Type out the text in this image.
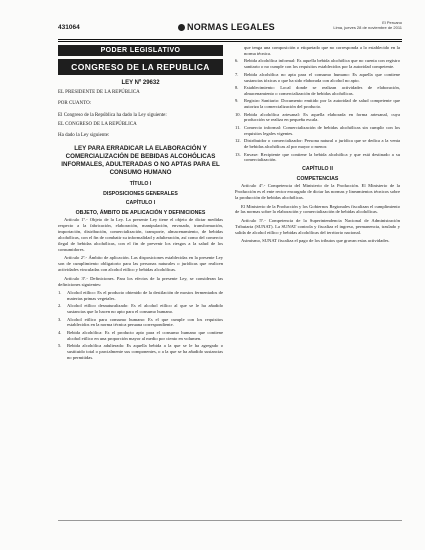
431064	NORMAS LEGALES	El Peruano
Lima, jueves 28 de noviembre de 2011
PODER LEGISLATIVO
CONGRESO DE LA REPUBLICA
LEY Nº 29632

EL PRESIDENTE DE LA REPÚBLICA

POR CUANTO:

El Congreso de la República ha dado la Ley siguiente:

EL CONGRESO DE LA REPÚBLICA

Ha dado la Ley siguiente:

LEY PARA ERRADICAR LA ELABORACIÓN Y COMERCIALIZACIÓN DE BEBIDAS ALCOHÓLICAS INFORMALES, ADULTERADAS O NO APTAS PARA EL CONSUMO HUMANO
TÍTULO I
DISPOSICIONES GENERALES
CAPÍTULO I
OBJETO, ÁMBITO DE APLICACIÓN Y DEFINICIONES

Artículo 1º.- Objeto de la Ley. La presente Ley tiene el objeto de dictar medidas respecto a la fabricación, elaboración, manipulación, envasado, transformación, importación, distribución, comercialización, transporte, almacenamiento, de bebidas alcohólicas, con el fin de combatir su informalidad y adulteración, así como del comercio ilegal de bebidas alcohólicas, con el fin de prevenir los riesgos a la salud de los consumidores.

Artículo 2º.- Ámbito de aplicación. Las disposiciones establecidas en la presente Ley son de cumplimiento obligatorio para las personas naturales o jurídicas que realicen actividades vinculadas con alcohol etílico y bebidas alcohólicas.

Artículo 3º.- Definiciones. Para los efectos de la presente Ley, se consideran las definiciones siguientes:

1. Alcohol etílico: Es el producto obtenido de la destilación de mostos fermentados de materias primas vegetales.

2. Alcohol etílico desnaturalizado: Es el alcohol etílico al que se le ha añadido sustancias que lo hacen no apto para el consumo humano.

3. Alcohol etílico para consumo humano: Es el que cumple con los requisitos establecidos en la norma técnica peruana correspondiente.

4. Bebida alcohólica: Es el producto apto para el consumo humano que contiene alcohol etílico en una proporción mayor al medio por ciento en volumen.

5. Bebida alcohólica adulterada: Es aquella bebida a la que se le ha agregado o sustituido total o parcialmente sus componentes, o a la que se ha añadido sustancias no permitidas.

que tenga una composición o etiquetado que no corresponda a lo establecido en la norma técnica.

6. Bebida alcohólica informal: Es aquella bebida alcohólica que no cuenta con registro sanitario o no cumple con los requisitos establecidos por la autoridad competente.

7. Bebida alcohólica no apta para el consumo humano: Es aquella que contiene sustancias tóxicas o que ha sido elaborada con alcohol no apto.

8. Establecimiento: Local donde se realizan actividades de elaboración, almacenamiento o comercialización de bebidas alcohólicas.

9. Registro Sanitario: Documento emitido por la autoridad de salud competente que autoriza la comercialización del producto.

10. Bebida alcohólica artesanal: Es aquella elaborada en forma artesanal, cuya producción se realiza en pequeña escala.

11. Comercio informal: Comercialización de bebidas alcohólicas sin cumplir con los requisitos legales vigentes.

12. Distribuidor o comercializador: Persona natural o jurídica que se dedica a la venta de bebidas alcohólicas al por mayor o menor.

13. Envase: Recipiente que contiene la bebida alcohólica y que está destinado a su comercialización.

CAPÍTULO II
COMPETENCIAS

Artículo 4º.- Competencia del Ministerio de la Producción. El Ministerio de la Producción es el ente rector encargado de dictar las normas y lineamientos técnicos sobre la producción de bebidas alcohólicas.

El Ministerio de la Producción y los Gobiernos Regionales fiscalizan el cumplimiento de las normas sobre la elaboración y comercialización de bebidas alcohólicas.

Artículo 5º.- Competencia de la Superintendencia Nacional de Administración Tributaria (SUNAT). La SUNAT controla y fiscaliza el ingreso, permanencia, traslado y salida de alcohol etílico y bebidas alcohólicas del territorio nacional.

Asimismo, SUNAT fiscaliza el pago de los tributos que gravan estas actividades.
